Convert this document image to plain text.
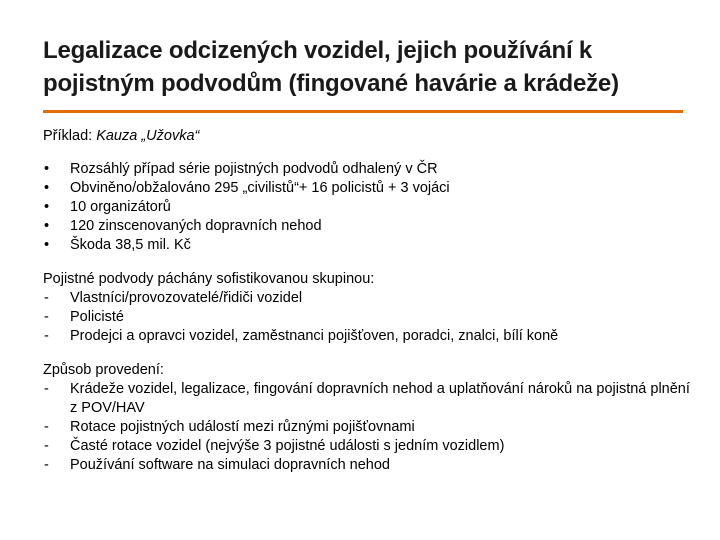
Legalizace odcizených vozidel, jejich používání k
pojistným podvodům (fingované havárie a krádeže)

Příklad: Kauza „Užovka“

• Rozsáhlý případ série pojistných podvodů odhalený v ČR
• Obviněno/obžalováno 295 „civilistů“+ 16 policistů + 3 vojáci
• 10 organizátorů
• 120 zinscenovaných dopravních nehod
• Škoda 38,5 mil. Kč
Pojistné podvody páchány sofistikovanou skupinou:
- Vlastníci/provozovatelé/řidiči vozidel
- Policisté
- Prodejci a opravci vozidel, zaměstnanci pojišťoven, poradci, znalci, bílí koně
Způsob provedení:
- Krádeže vozidel, legalizace, fingování dopravních nehod a uplatňování nároků na pojistná plnění z POV/HAV
- Rotace pojistných událostí mezi různými pojišťovnami
- Časté rotace vozidel (nejvýše 3 pojistné události s jedním vozidlem)
- Používání software na simulaci dopravních nehod
